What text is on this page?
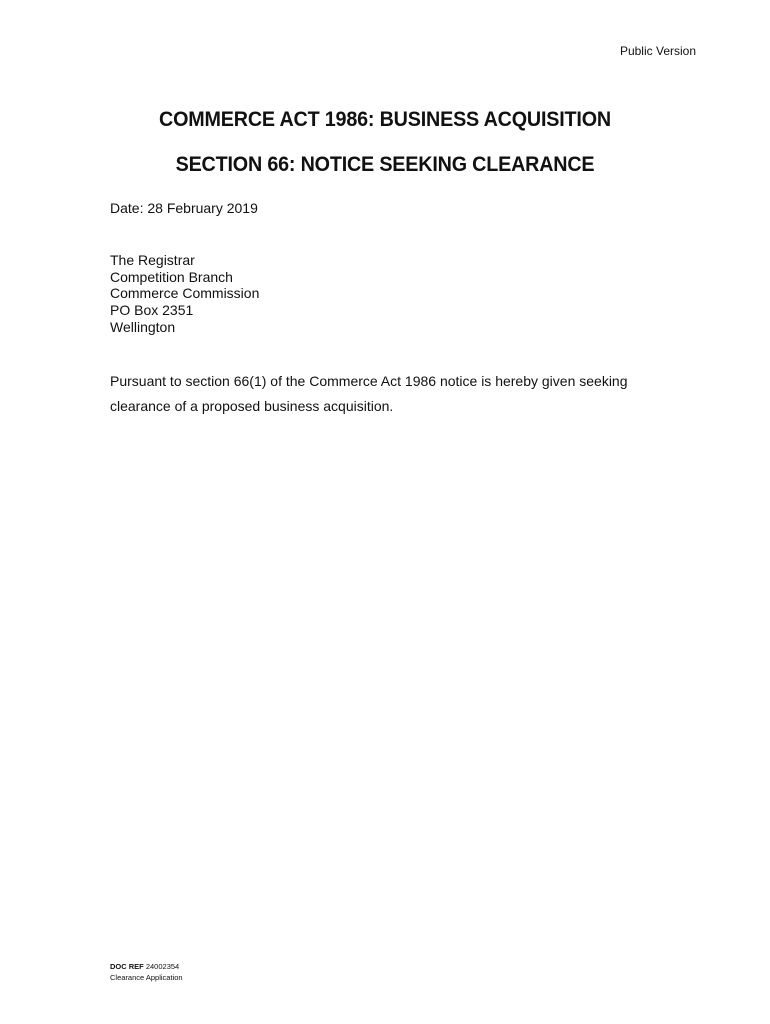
Public Version
COMMERCE ACT 1986: BUSINESS ACQUISITION
SECTION 66: NOTICE SEEKING CLEARANCE
Date: 28 February 2019
The Registrar
Competition Branch
Commerce Commission
PO Box 2351
Wellington
Pursuant to section 66(1) of the Commerce Act 1986 notice is hereby given seeking
clearance of a proposed business acquisition.
DOC REF 24002354
Clearance Application
